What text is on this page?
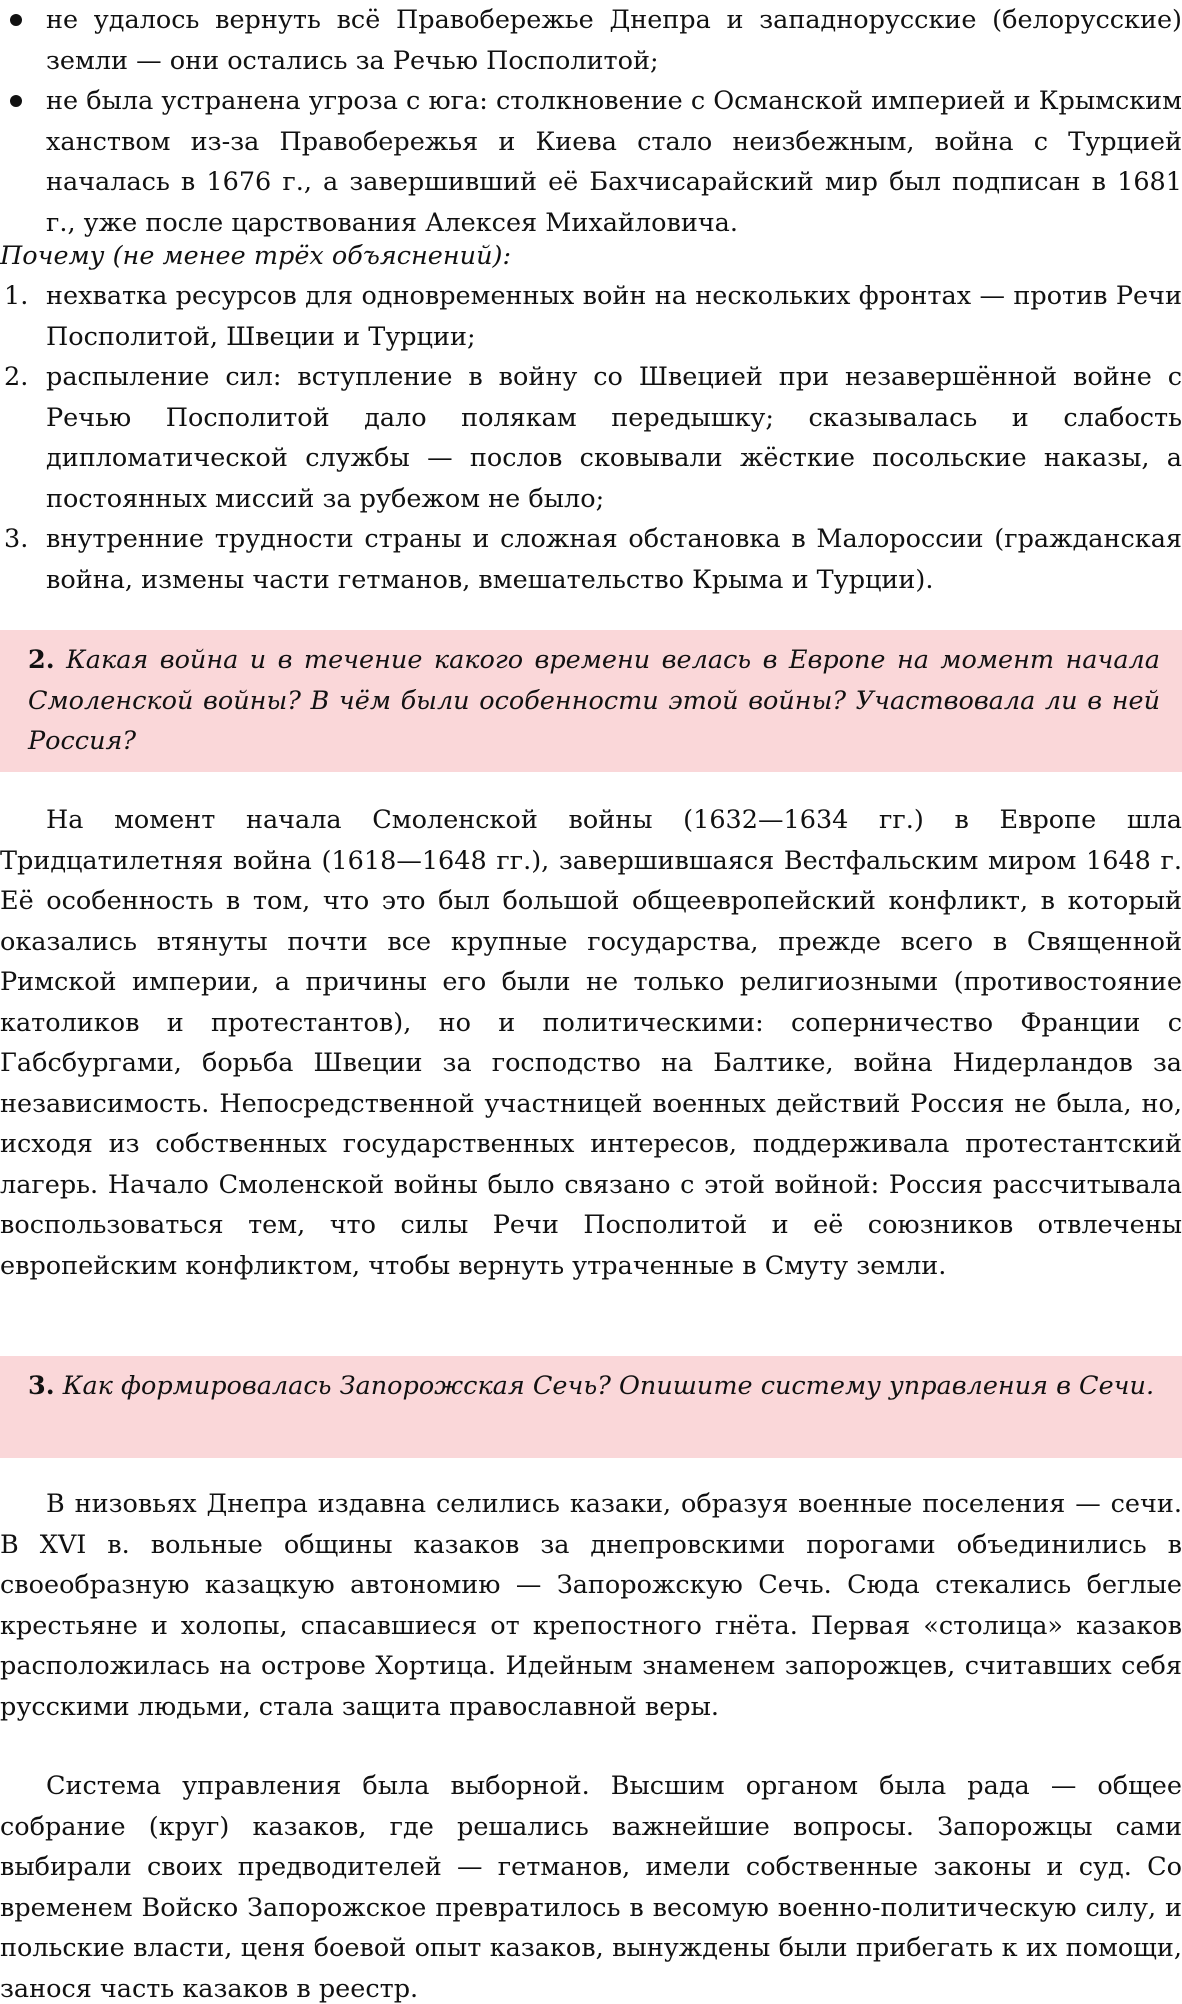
не удалось вернуть всё Правобережье Днепра и западнорусские (белорусские) земли — они остались за Речью Посполитой;
не была устранена угроза с юга: столкновение с Османской империей и Крымским ханством из-за Правобережья и Киева стало неизбежным, война с Турцией началась в 1676 г., а завершивший её Бахчисарайский мир был подписан в 1681 г., уже после царствования Алексея Михайловича.
Почему (не менее трёх объяснений):
1. нехватка ресурсов для одновременных войн на нескольких фронтах — против Речи Посполитой, Швеции и Турции;
2. распыление сил: вступление в войну со Швецией при незавершённой войне с Речью Посполитой дало полякам передышку; сказывалась и слабость дипломатической службы — послов сковывали жёсткие посольские наказы, а постоянных миссий за рубежом не было;
3. внутренние трудности страны и сложная обстановка в Малороссии (гражданская война, измены части гетманов, вмешательство Крыма и Турции).
2. Какая война и в течение какого времени велась в Европе на момент начала Смоленской войны? В чём были особенности этой войны? Участвовала ли в ней Россия?
На момент начала Смоленской войны (1632—1634 гг.) в Европе шла Тридцатилетняя война (1618—1648 гг.), завершившаяся Вестфальским миром 1648 г. Её особенность в том, что это был большой общеевропейский конфликт, в который оказались втянуты почти все крупные государства, прежде всего в Священной Римской империи, а причины его были не только религиозными (противостояние католиков и протестантов), но и политическими: соперничество Франции с Габсбургами, борьба Швеции за господство на Балтике, война Нидерландов за независимость. Непосредственной участницей военных действий Россия не была, но, исходя из собственных государственных интересов, поддерживала протестантский лагерь. Начало Смоленской войны было связано с этой войной: Россия рассчитывала воспользоваться тем, что силы Речи Посполитой и её союзников отвлечены европейским конфликтом, чтобы вернуть утраченные в Смуту земли.
3. Как формировалась Запорожская Сечь? Опишите систему управления в Сечи.
В низовьях Днепра издавна селились казаки, образуя военные поселения — сечи. В XVI в. вольные общины казаков за днепровскими порогами объединились в своеобразную казацкую автономию — Запорожскую Сечь. Сюда стекались беглые крестьяне и холопы, спасавшиеся от крепостного гнёта. Первая «столица» казаков расположилась на острове Хортица. Идейным знаменем запорожцев, считавших себя русскими людьми, стала защита православной веры.
Система управления была выборной. Высшим органом была рада — общее собрание (круг) казаков, где решались важнейшие вопросы. Запорожцы сами выбирали своих предводителей — гетманов, имели собственные законы и суд. Со временем Войско Запорожское превратилось в весомую военно-политическую силу, и польские власти, ценя боевой опыт казаков, вынуждены были прибегать к их помощи, занося часть казаков в реестр.
